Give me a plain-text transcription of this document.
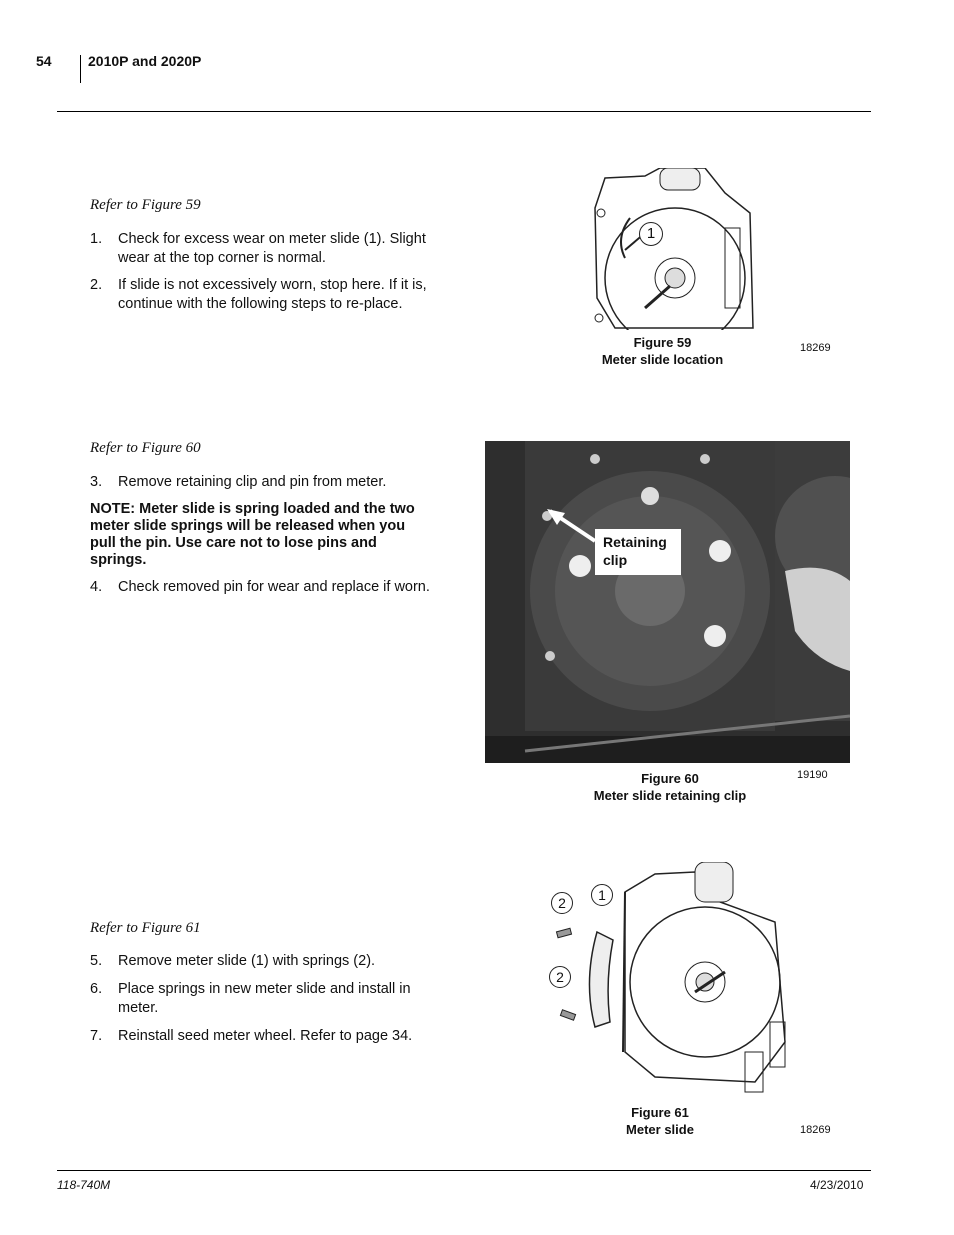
54	2010P and 2020P
Refer to Figure 59
1. Check for excess wear on meter slide (1). Slight wear at the top corner is normal.
2. If slide is not excessively worn, stop here. If it is, continue with the following steps to re-place.
1
Figure 59
Meter slide location
18269
Refer to Figure 60
3. Remove retaining clip and pin from meter.
NOTE: Meter slide is spring loaded and the two meter slide springs will be released when you pull the pin. Use care not to lose pins and springs.
4. Check removed pin for wear and replace if worn.
Retaining clip
Figure 60
Meter slide retaining clip
19190
Refer to Figure 61
5. Remove meter slide (1) with springs (2).
6. Place springs in new meter slide and install in meter.
7. Reinstall seed meter wheel. Refer to page 34.
1
2
2
Figure 61
Meter slide	18269
118-740M	4/23/2010
